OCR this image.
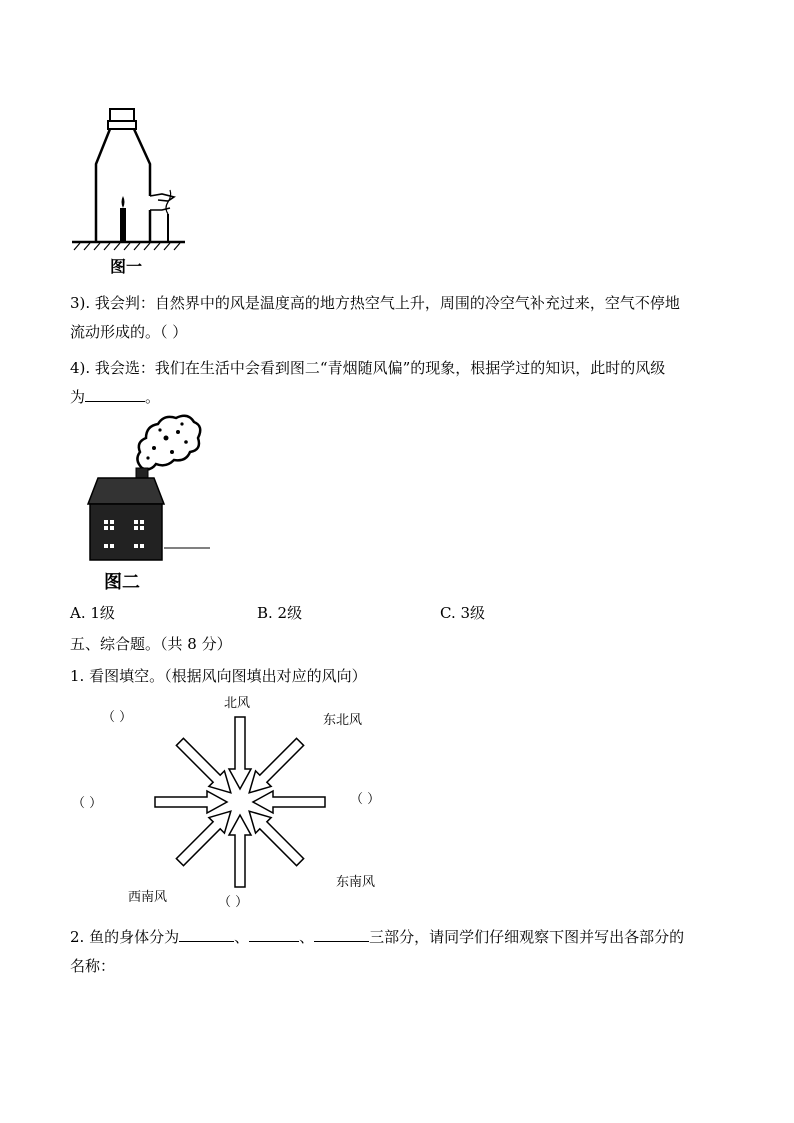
图一
3). 我会判：自然界中的风是温度高的地方热空气上升，周围的冷空气补充过来，空气不停地
流动形成的。（ ）
4). 我会选：我们在生活中会看到图二“青烟随风偏”的现象，根据学过的知识，此时的风级
为	。
图二
A. 1级	B. 2级	C. 3级
五、综合题。（共 8 分）
1. 看图填空。（根据风向图填出对应的风向）
北风
东北风
西南风
东南风
（ ）
（ ）	（ ）
（ ）
2. 鱼的身体分为	、	、	三部分，请同学们仔细观察下图并写出各部分的
名称：
